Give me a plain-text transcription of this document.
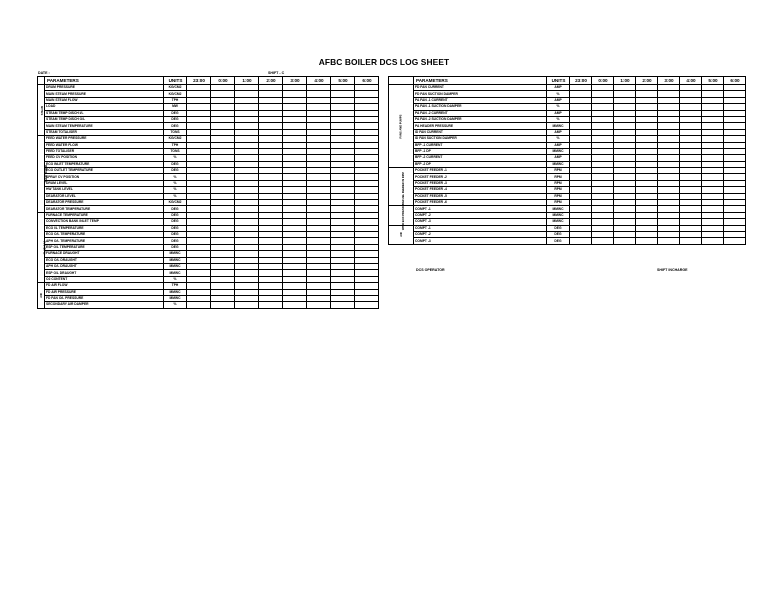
AFBC BOILER DCS LOG SHEET
DATE :	SHIFT - C
	PARAMETERS	UNITS	23:00	0:00	1:00	2:00	3:00	4:00	5:00	6:00
STEAM	DRUM PRESSURE	KG/CM2								
	MAIN STEAM PRESSURE	KG/CM2								
	MAIN STEAM FLOW	TPH								
	LOAD	MW								
	STEAM TEMP DISCH I/L	DEG								
	STEAM TEMP DISCH O/L	DEG								
	MAIN STEAM TEMPERATURE	DEG								
	STEAM TOTALISER	TONS								
FEED WATER	FEED WATER PRESSURE	KG/CM2								
	FEED WATER FLOW	TPH								
	FEED TOTALISER	TONS								
	FEED CV POSITION	%								
	ECO INLET TEMPERATURE	DEG								
	ECO OUTLET TEMPERATURE	DEG								
	SPRAY CV POSITION	%								
	DRUM LEVEL	%								
	HW TANK LEVEL	%								
	DEARATOR LEVEL	%								
	DEARATOR PRESSURE	KG/CM2								
	DEARATOR TEMPERATURE	DEG								
FLUE GAS	FURNACE TEMPERATURE	DEG								
	CONVECTION BANK INLET TEMP	DEG								
	ECO I/L TEMPERATURE	DEG								
	ECO O/L TEMPERATURE	DEG								
	APH O/L TEMPERATURE	DEG								
	ESP O/L TEMPERATURE	DEG								
	FURNACE DRAUGHT	MMWC								
	ECO O/L DRAUGHT	MMWC								
	APH O/L DRAUGHT	MMWC								
	ESP O/L DRAUGHT	MMWC								
	O2 CONTENT	%								
AIR	FD AIR FLOW	TPH								
	FD AIR PRESSURE	MMWC								
	FD FAN O/L PRESSURE	MMWC								
	SECONDARY AIR DAMPER	%								
	PARAMETERS	UNITS	23:00	0:00	1:00	2:00	3:00	4:00	5:00	6:00
FANS AND PUMPS	FD FAN CURRENT	AMP								
	FD FAN SUCTION DAMPER	%								
	PA FAN -1 CURRENT	AMP								
	PA FAN -1 SUCTION DAMPER	%								
	PA FAN -2 CURRENT	AMP								
	PA FAN -2 SUCTION DAMPER	%								
	PA HEADER PRESSURE	MMWC								
	ID FAN CURRENT	AMP								
	ID FAN SUCTION DAMPER	%								
	BFP -1 CURRENT	AMP								
	BFP -1 DP	MMWC								
	BFP -2 CURRENT	AMP								
	BFP -2 DP	MMWC								
FUEL FEEDER IN RPM	POCKET FEEDER -1	RPM								
	POCKET FEEDER -2	RPM								
	POCKET FEEDER -3	RPM								
	POCKET FEEDER -4	RPM								
	POCKET FEEDER -5	RPM								
	POCKET FEEDER -6	RPM								
WIND BOX PRESSURE	COMPT -1	MMWC								
	COMPT -2	MMWC								
	COMPT -3	MMWC								
AIR	COMPT -1	DEG								
	COMPT -2	DEG								
	COMPT -3	DEG								
DCS OPERATOR	SHIFT INCHARGE
